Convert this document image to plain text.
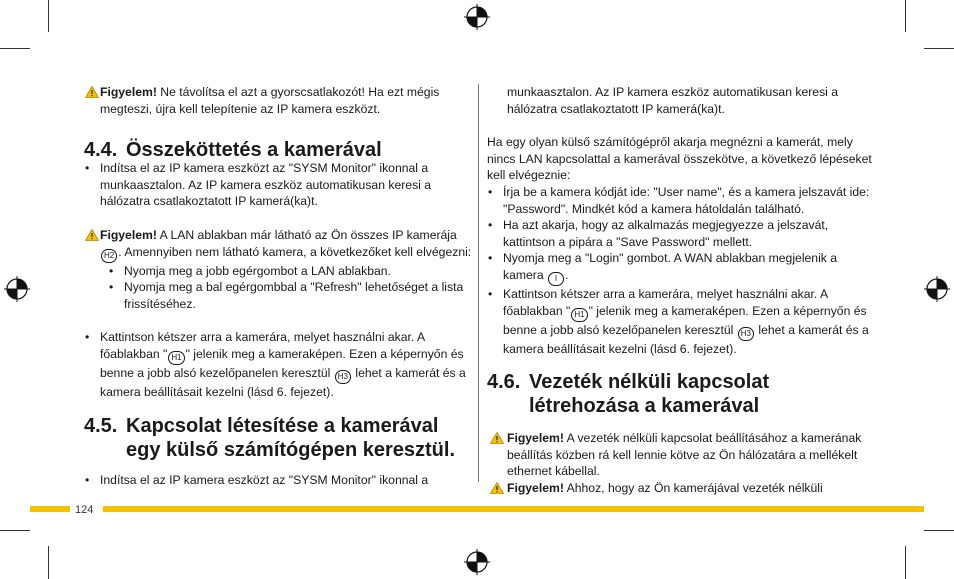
Figyelem! Ne távolítsa el azt a gyorscsatlakozót! Ha ezt mégis megteszi, újra kell telepítenie az IP kamera eszközt.

4.4. Összeköttetés a kamerával
• Indítsa el az IP kamera eszközt az "SYSM Monitor" ikonnal a munkaasztalon. Az IP kamera eszköz automatikusan keresi a hálózatra csatlakoztatott IP kamerá(ka)t.

Figyelem! A LAN ablakban már látható az Ön összes IP kamerája H2 . Amennyiben nem látható kamera, a következőket kell elvégezni:

• Nyomja meg a jobb egérgombot a LAN ablakban.
• Nyomja meg a bal egérgombbal a "Refresh" lehetőséget a lista frissítéséhez.
• Kattintson kétszer arra a kamerára, melyet használni akar. A főablakban " H1 " jelenik meg a kameraképen. Ezen a képernyőn és benne a jobb alsó kezelőpanelen keresztül H3 lehet a kamerát és a kamera beállításait kezelni (lásd 6. fejezet).
4.5. Kapcsolat létesítése a kamerával egy külső számítógépen keresztül.
• Indítsa el az IP kamera eszközt az "SYSM Monitor" ikonnal a

munkaasztalon. Az IP kamera eszköz automatikusan keresi a hálózatra csatlakoztatott IP kamerá(ka)t.

Ha egy olyan külső számítógépről akarja megnézni a kamerát, mely nincs LAN kapcsolattal a kamerával összekötve, a következő lépéseket kell elvégeznie:

• Írja be a kamera kódját ide: "User name", és a kamera jelszavát ide: "Password". Mindkét kód a kamera hátoldalán található.
• Ha azt akarja, hogy az alkalmazás megjegyezze a jelszavát, kattintson a pipára a "Save Password" mellett.
• Nyomja meg a "Login" gombot. A WAN ablakban megjelenik a kamera I .
• Kattintson kétszer arra a kamerára, melyet használni akar. A főablakban " H1 " jelenik meg a kameraképen. Ezen a képernyőn és benne a jobb alsó kezelőpanelen keresztül H3 lehet a kamerát és a kamera beállításait kezelni (lásd 6. fejezet).
4.6. Vezeték nélküli kapcsolat létrehozása a kamerával

Figyelem! A vezeték nélküli kapcsolat beállításához a kamerának beállítás közben rá kell lennie kötve az Ön hálózatára a mellékelt ethernet kábellal.

Figyelem! Ahhoz, hogy az Ön kamerájával vezeték nélküli

124
